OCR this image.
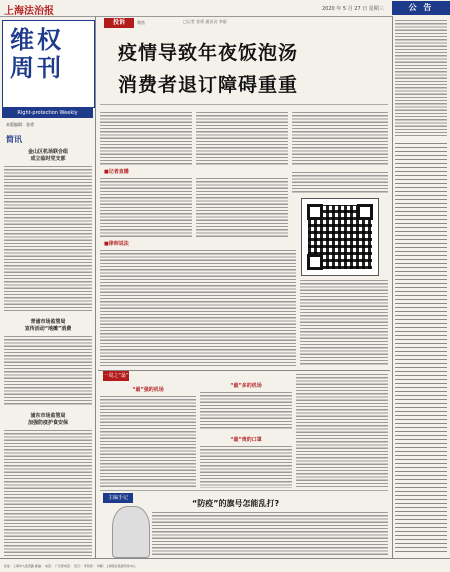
上海法治报	2020 年 5 月 27 日 星期三	公 告
维权
周刊
Right-protection Weekly
本版编辑：金勇
简讯
金山区机场联合组
成立临时党支部
青浦市场监管局
宣传活动“地摊”消费
浦东市场监管局
加强防疫护食安保
投诉	聚焦	□记者 金勇 通讯员 李丽
疫情导致年夜饭泡汤
消费者退订障碍重重
■记者直播
■律师说法
一周之“最”
“最”强的机场
“最”多的机场
“最”贵的口罩
主编手记
“防疫”的旗号怎能乱打?
社址：上海市大连西路 邮编： 电话： 广告部电话： 发行： 零售价： 印刷：上海报业集团印务中心
